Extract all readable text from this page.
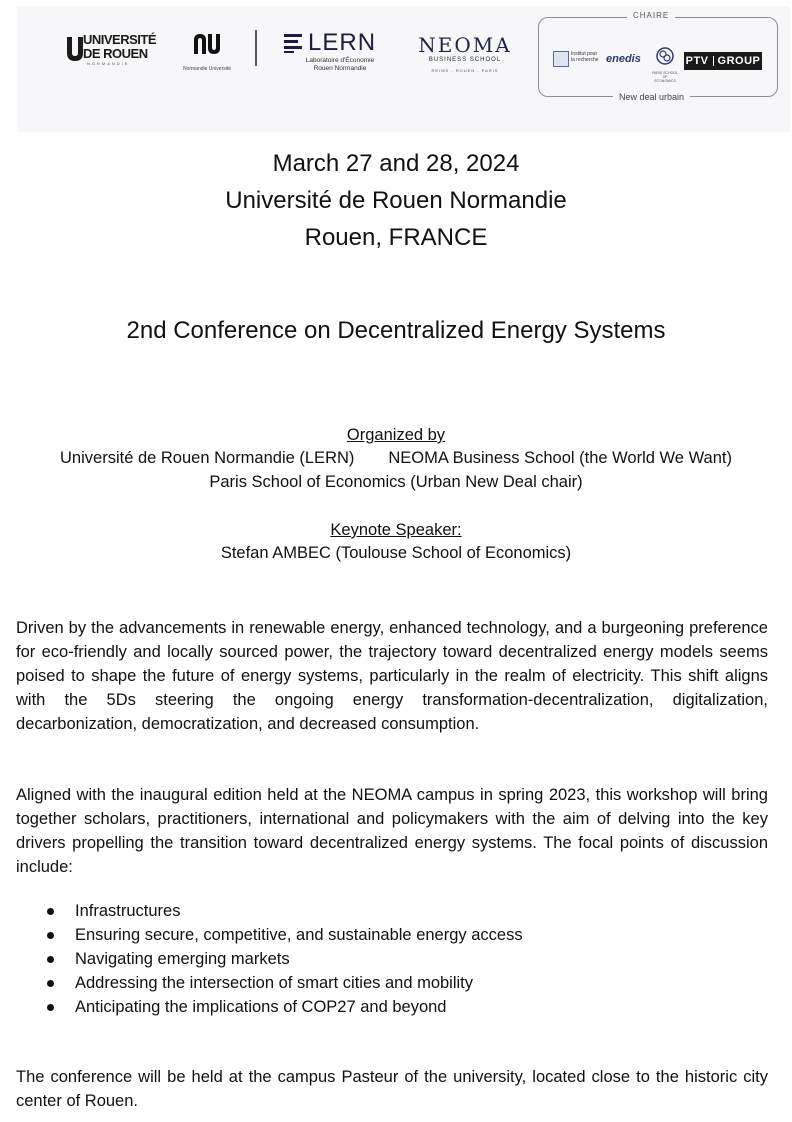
UNIVERSITÉ
DE ROUEN
NORMANDIE
Normandie Université
LERN
Laboratoire d'Économie
Rouen Normandie
NEOMA
BUSINESS SCHOOL
REIMS - ROUEN - PARIS
CHAIRE
Institut pour la recherche enedis
PARIS SCHOOL OF ECONOMICS
PTV GROUP
New deal urbain
March 27 and 28, 2024
Université de Rouen Normandie
Rouen, FRANCE
2nd Conference on Decentralized Energy Systems
Organized by
Université de Rouen Normandie (LERN) NEOMA Business School (the World We Want)
Paris School of Economics (Urban New Deal chair)
Keynote Speaker:
Stefan AMBEC (Toulouse School of Economics)

Driven by the advancements in renewable energy, enhanced technology, and a burgeoning preference for eco-friendly and locally sourced power, the trajectory toward decentralized energy models seems poised to shape the future of energy systems, particularly in the realm of electricity. This shift aligns with the 5Ds steering the ongoing energy transformation-decentralization, digitalization, decarbonization, democratization, and decreased consumption.

Aligned with the inaugural edition held at the NEOMA campus in spring 2023, this workshop will bring together scholars, practitioners, international and policymakers with the aim of delving into the key drivers propelling the transition toward decentralized energy systems. The focal points of discussion include:

Infrastructures
Ensuring secure, competitive, and sustainable energy access
Navigating emerging markets
Addressing the intersection of smart cities and mobility
Anticipating the implications of COP27 and beyond

The conference will be held at the campus Pasteur of the university, located close to the historic city center of Rouen.
